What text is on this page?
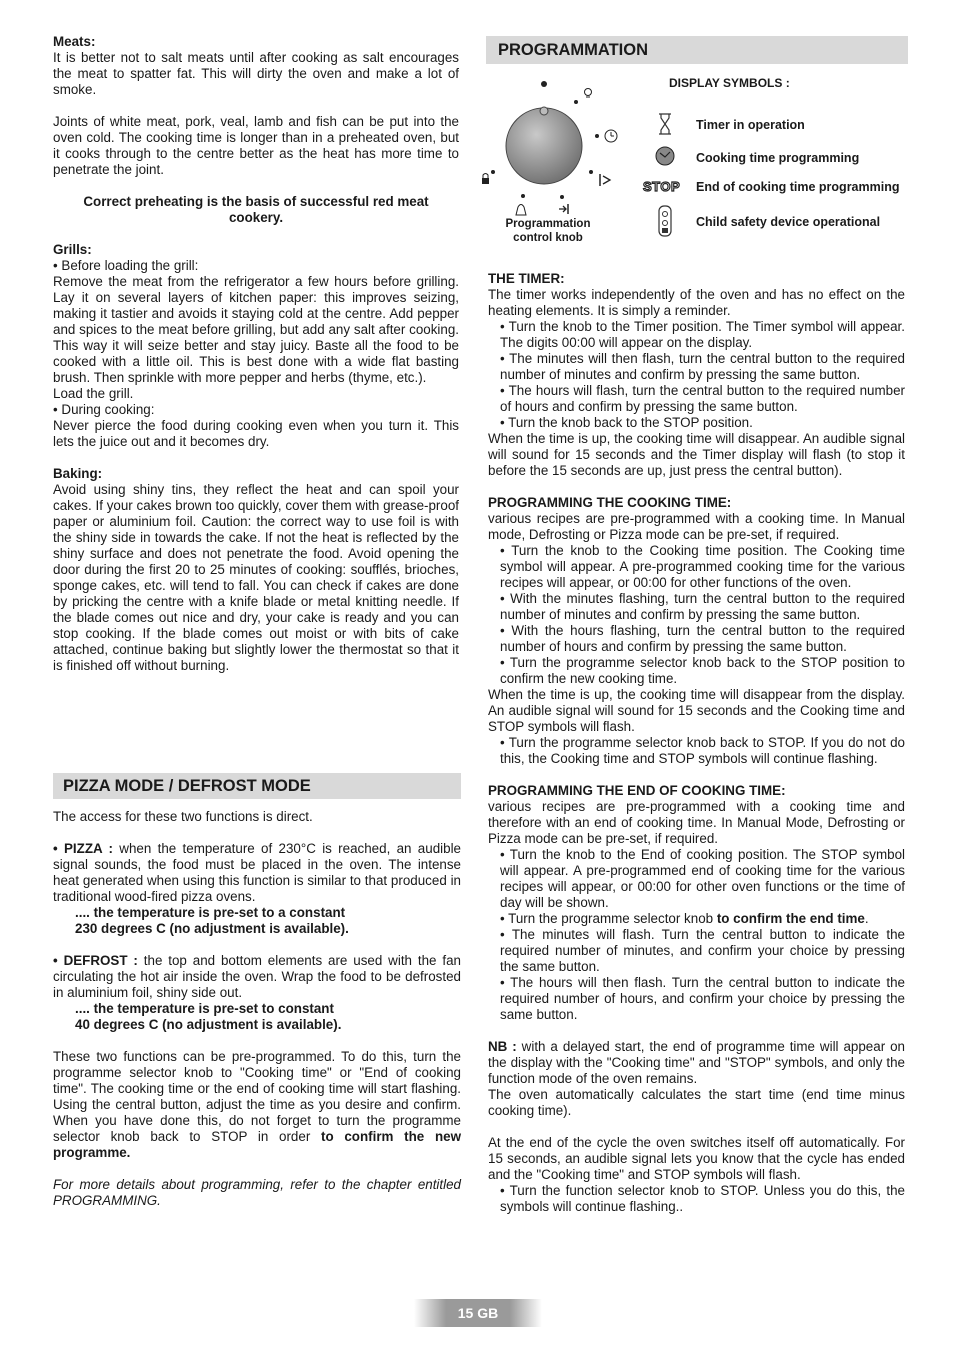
Meats:

It is better not to salt meats until after cooking as salt encourages the meat to spatter fat. This will dirty the oven and make a lot of smoke.

Joints of white meat, pork, veal, lamb and fish can be put into the oven cold. The cooking time is longer than in a preheated oven, but it cooks through to the centre better as the heat has more time to penetrate the joint.

Correct preheating is the basis of successful red meat cookery.

Grills:

• Before loading the grill:

Remove the meat from the refrigerator a few hours before grilling. Lay it on several layers of kitchen paper: this improves seizing, making it tastier and avoids it staying cold at the centre. Add pepper and spices to the meat before grilling, but add any salt after cooking. This way it will seize better and stay juicy. Baste all the food to be cooked with a little oil. This is best done with a wide flat basting brush. Then sprinkle with more pepper and herbs (thyme, etc.).

Load the grill.

• During cooking:

Never pierce the food during cooking even when you turn it. This lets the juice out and it becomes dry.

Baking:

Avoid using shiny tins, they reflect the heat and can spoil your cakes. If your cakes brown too quickly, cover them with grease-proof paper or aluminium foil. Caution: the correct way to use foil is with the shiny side in towards the cake. If not the heat is reflected by the shiny surface and does not penetrate the food. Avoid opening the door during the first 20 to 25 minutes of cooking: soufflés, brioches, sponge cakes, etc. will tend to fall. You can check if cakes are done by pricking the centre with a knife blade or metal knitting needle. If the blade comes out nice and dry, your cake is ready and you can stop cooking. If the blade comes out moist or with bits of cake attached, continue baking but slightly lower the thermostat so that it is finished off without burning.

PIZZA MODE / DEFROST MODE

The access for these two functions is direct.

• PIZZA : when the temperature of 230°C is reached, an audible signal sounds, the food must be placed in the oven. The intense heat generated when using this function is similar to that produced in traditional wood-fired pizza ovens.

.... the temperature is pre-set to a constant

230 degrees C (no adjustment is available).

• DEFROST : the top and bottom elements are used with the fan circulating the hot air inside the oven. Wrap the food to be defrosted in aluminium foil, shiny side out.

.... the temperature is pre-set to constant

40 degrees C (no adjustment is available).

These two functions can be pre-programmed. To do this, turn the programme selector knob to "Cooking time" or "End of cooking time". The cooking time or the end of cooking time will start flashing. Using the central button, adjust the time as you desire and confirm. When you have done this, do not forget to turn the programme selector knob back to STOP in order to confirm the new programme.

For more details about programming, refer to the chapter entitled PROGRAMMING.

PROGRAMMATION
Programmation
control knob
DISPLAY SYMBOLS :
STOP
Timer in operation
Cooking time programming
End of cooking time programming
Child safety device operational

THE TIMER:

The timer works independently of the oven and has no effect on the heating elements. It is simply a reminder.

• Turn the knob to the Timer position. The Timer symbol will appear. The digits 00:00 will appear on the display.

• The minutes will then flash, turn the central button to the required number of minutes and confirm by pressing the same button.

• The hours will flash, turn the central button to the required number of hours and confirm by pressing the same button.

• Turn the knob back to the STOP position.

When the time is up, the cooking time will disappear. An audible signal will sound for 15 seconds and the Timer display will flash (to stop it before the 15 seconds are up, just press the central button).

PROGRAMMING THE COOKING TIME:

various recipes are pre-programmed with a cooking time. In Manual mode, Defrosting or Pizza mode can be pre-set, if required.

• Turn the knob to the Cooking time position. The Cooking time symbol will appear. A pre-programmed cooking time for the various recipes will appear, or 00:00 for other functions of the oven.

• With the minutes flashing, turn the central button to the required number of minutes and confirm by pressing the same button.

• With the hours flashing, turn the central button to the required number of hours and confirm by pressing the same button.

• Turn the programme selector knob back to the STOP position to confirm the new cooking time.

When the time is up, the cooking time will disappear from the display. An audible signal will sound for 15 seconds and the Cooking time and STOP symbols will flash.

• Turn the programme selector knob back to STOP. If you do not do this, the Cooking time and STOP symbols will continue flashing.

PROGRAMMING THE END OF COOKING TIME:

various recipes are pre-programmed with a cooking time and therefore with an end of cooking time. In Manual Mode, Defrosting or Pizza mode can be pre-set, if required.

• Turn the knob to the End of cooking position. The STOP symbol will appear. A pre-programmed end of cooking time for the various recipes will appear, or 00:00 for other oven functions or the time of day will be shown.

• Turn the programme selector knob to confirm the end time.

• The minutes will flash. Turn the central button to indicate the required number of minutes, and confirm your choice by pressing the same button.

• The hours will then flash. Turn the central button to indicate the required number of hours, and confirm your choice by pressing the same button.

NB : with a delayed start, the end of programme time will appear on the display with the "Cooking time" and "STOP" symbols, and only the function mode of the oven remains.

The oven automatically calculates the start time (end time minus cooking time).

At the end of the cycle the oven switches itself off automatically. For 15 seconds, an audible signal lets you know that the cycle has ended and the "Cooking time" and STOP symbols will flash.

• Turn the function selector knob to STOP. Unless you do this, the symbols will continue flashing..

15 GB
